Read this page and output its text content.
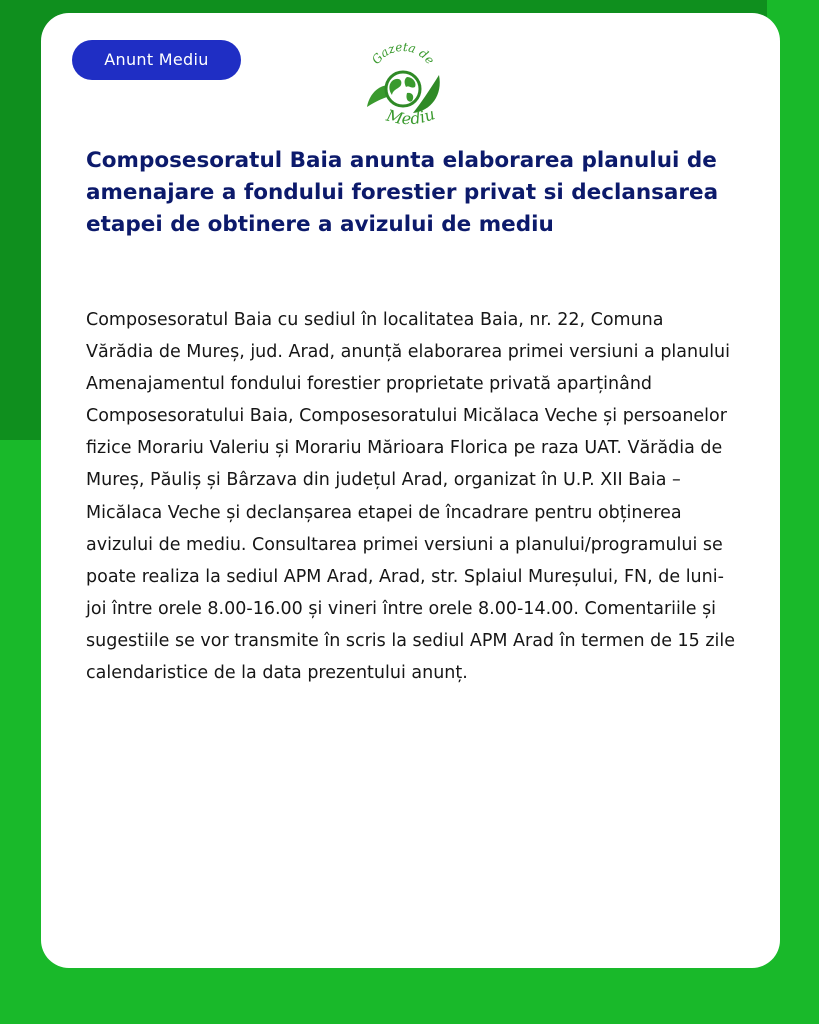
Anunt Mediu	Gazeta de
Mediu
Composesoratul Baia anunta elaborarea planului de amenajare a fondului forestier privat si declansarea etapei de obtinere a avizului de mediu

Composesoratul Baia cu sediul în localitatea Baia, nr. 22, Comuna Vărădia de Mureș, jud. Arad, anunță elaborarea primei versiuni a planului Amenajamentul fondului forestier proprietate privată aparținând Composesoratului Baia, Composesoratului Micălaca Veche și persoanelor fizice Morariu Valeriu și Morariu Mărioara Florica pe raza UAT. Vărădia de Mureș, Păuliș și Bârzava din județul Arad, organizat în U.P. XII Baia – Micălaca Veche și declanșarea etapei de încadrare pentru obținerea avizului de mediu. Consultarea primei versiuni a planului/programului se poate realiza la sediul APM Arad, Arad, str. Splaiul Mureșului, FN, de luni-joi între orele 8.00-16.00 și vineri între orele 8.00-14.00. Comentariile și sugestiile se vor transmite în scris la sediul APM Arad în termen de 15 zile calendaristice de la data prezentului anunț.
